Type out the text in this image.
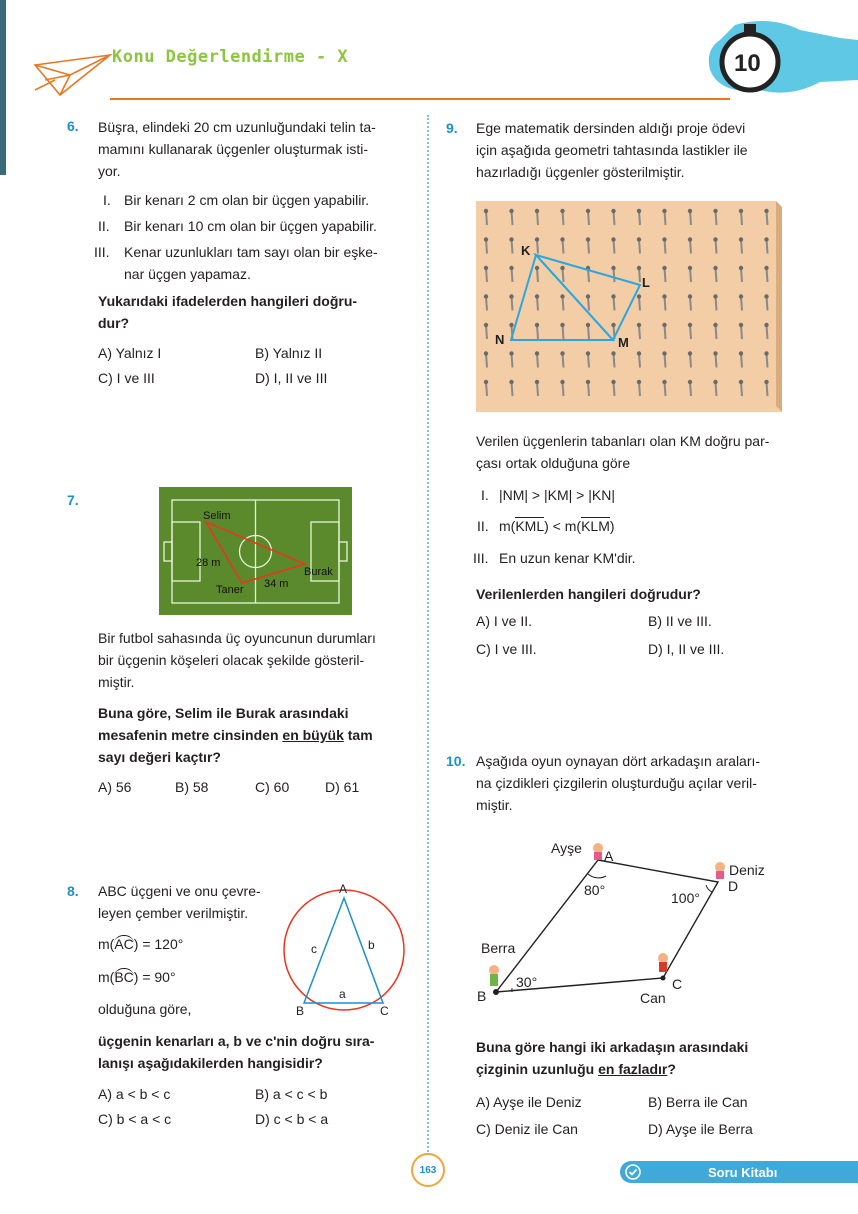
Konu Değerlendirme - X	10
6. Büşra, elindeki 20 cm uzunluğundaki telin ta-
mamını kullanarak üçgenler oluşturmak isti-
yor.
I. Bir kenarı 2 cm olan bir üçgen yapabilir.
II. Bir kenarı 10 cm olan bir üçgen yapabilir.
III. Kenar uzunlukları tam sayı olan bir eşke-
nar üçgen yapamaz.
Yukarıdaki ifadelerden hangileri doğru-
dur?
A) Yalnız I	B) Yalnız II
C) I ve III	D) I, II ve III
7.
Selim
Burak
Taner
28 m
34 m
Bir futbol sahasında üç oyuncunun durumları
bir üçgenin köşeleri olacak şekilde gösteril-
miştir.
Buna göre, Selim ile Burak arasındaki
mesafenin metre cinsinden en büyük tam
sayı değeri kaçtır?
A) 56	B) 58	C) 60	D) 61
8. ABC üçgeni ve onu çevre-
leyen çember verilmiştir.
m(AC) = 120°
m(BC) = 90°
olduğuna göre,
A
B	C
c	b
a
üçgenin kenarları a, b ve c'nin doğru sıra-
lanışı aşağıdakilerden hangisidir?
A) a < b < c	B) a < c < b
C) b < a < c	D) c < b < a
9. Ege matematik dersinden aldığı proje ödevi
için aşağıda geometri tahtasında lastikler ile
hazırladığı üçgenler gösterilmiştir.
K
L
N	M
Verilen üçgenlerin tabanları olan KM doğru par-
çası ortak olduğuna göre
I. |NM| > |KM| > |KN|
II. m(KML) < m(KLM)
III. En uzun kenar KM'dir.
Verilenlerden hangileri doğrudur?
A) I ve II.	B) II ve III.
C) I ve III.	D) I, II ve III.
10. Aşağıda oyun oynayan dört arkadaşın araları-
na çizdikleri çizgilerin oluşturduğu açılar veril-
miştir.
Ayşe A
Deniz
D
Berra
B	Can
C
80°	100°
30°
Buna göre hangi iki arkadaşın arasındaki
çizginin uzunluğu en fazladır?
A) Ayşe ile Deniz	B) Berra ile Can
C) Deniz ile Can	D) Ayşe ile Berra
163	Soru Kitabı
